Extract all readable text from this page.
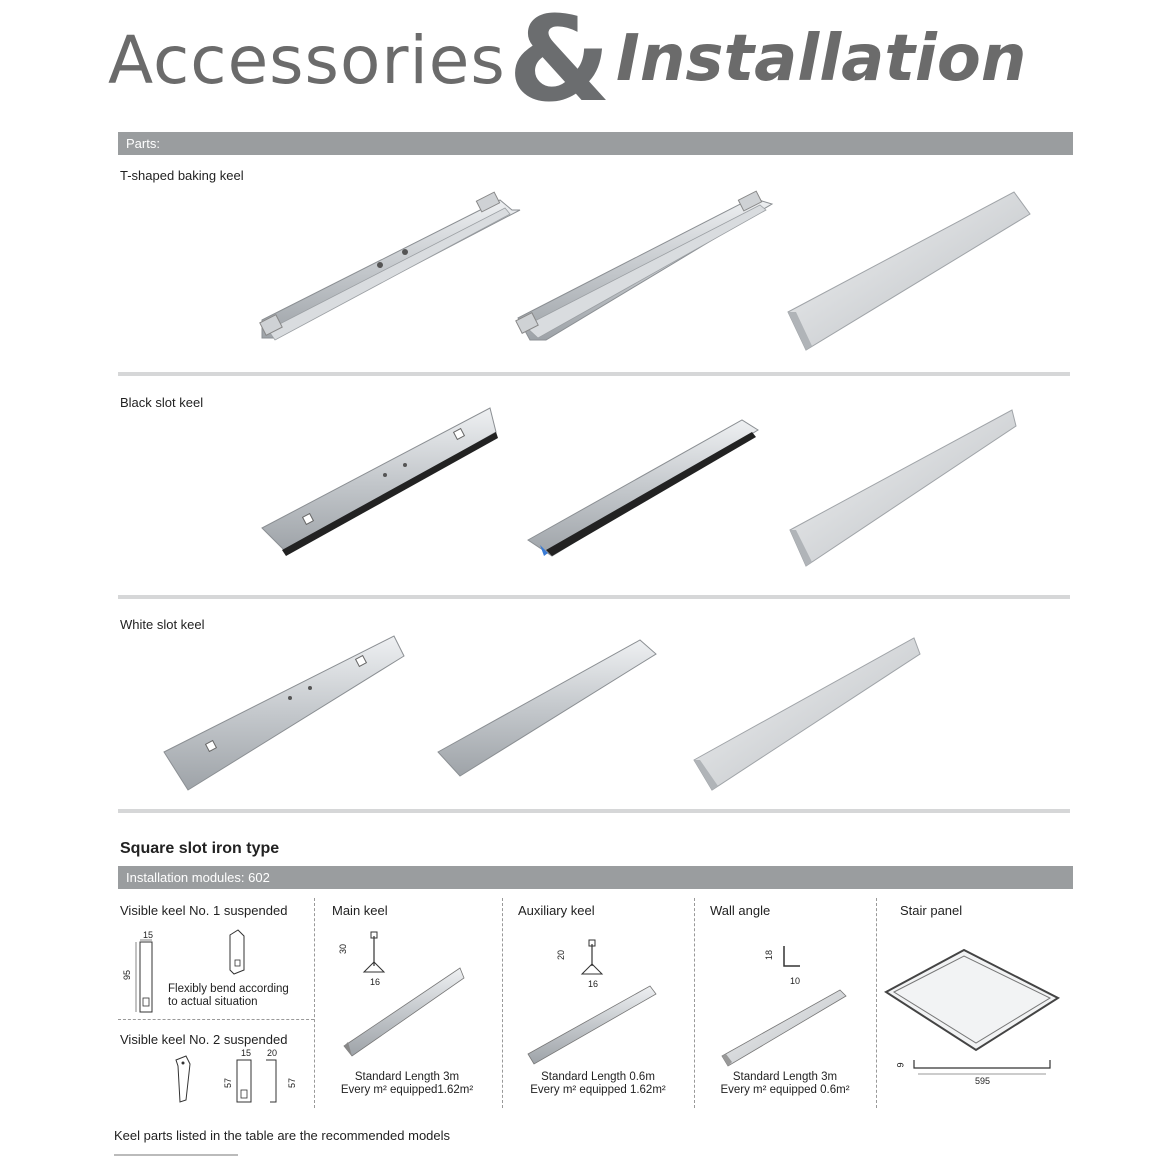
Accessories & Installation
Parts:
T-shaped baking keel
Black slot keel
White slot keel
Square slot iron type
Installation modules: 602
Visible keel No. 1 suspended
15
95
Flexibly bend according
to actual situation
Visible keel No. 2 suspended
15 20
57	57
Main keel
30
16
Standard Length 3m
Every m² equipped1.62m²
Auxiliary keel
20
16
Standard Length 0.6m
Every m² equipped 1.62m²
Wall angle
18
10
Standard Length 3m
Every m² equipped 0.6m²
Stair panel
9
595
Keel parts listed in the table are the recommended models
